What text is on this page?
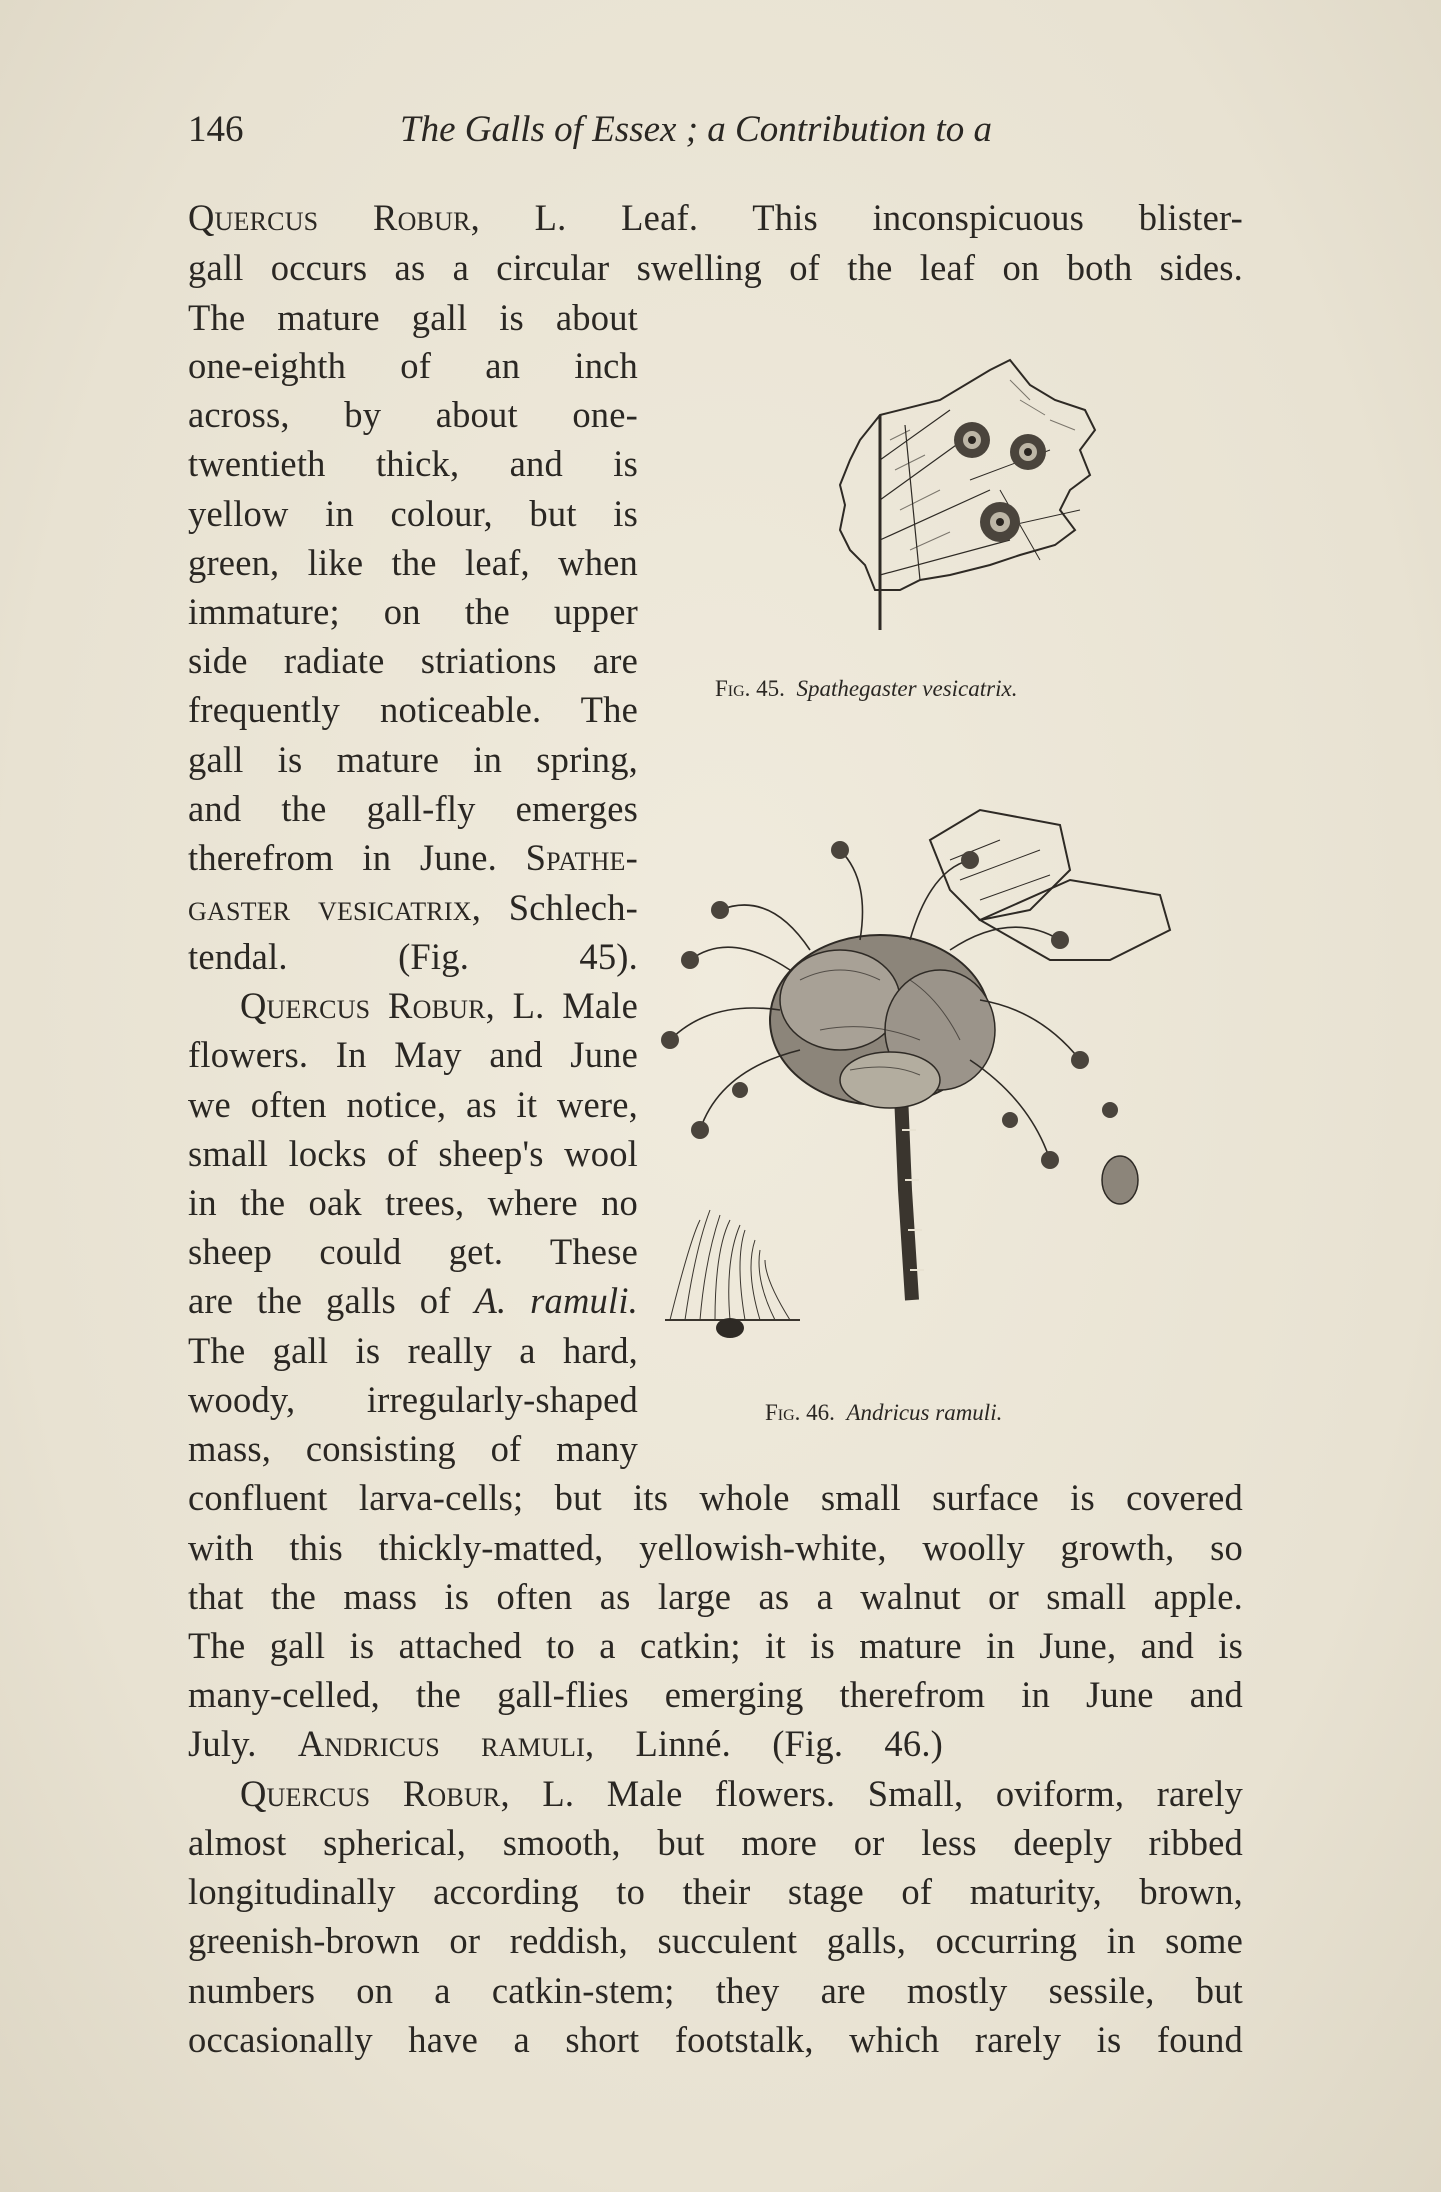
146	The Galls of Essex ; a Contribution to a
Quercus Robur, L. Leaf. This inconspicuous blister-
gall occurs as a circular swelling of the leaf on both sides.
The mature gall is about
one-eighth of an inch
across, by about one-
twentieth thick, and is
yellow in colour, but is
green, like the leaf, when
immature; on the upper
side radiate striations are
frequently noticeable. The
gall is mature in spring,
and the gall-fly emerges
therefrom in June. Spathe-
gaster vesicatrix, Schlech-
tendal. (Fig. 45).
Quercus Robur, L. Male
flowers. In May and June
we often notice, as it were,
small locks of sheep's wool
in the oak trees, where no
sheep could get. These
are the galls of A. ramuli.
The gall is really a hard,
woody, irregularly-shaped
mass, consisting of many
confluent larva-cells; but its whole small surface is covered
with this thickly-matted, yellowish-white, woolly growth, so
that the mass is often as large as a walnut or small apple.
The gall is attached to a catkin; it is mature in June, and is
many-celled, the gall-flies emerging therefrom in June and
July. Andricus ramuli, Linné. (Fig. 46.)
Quercus Robur, L. Male flowers. Small, oviform, rarely
almost spherical, smooth, but more or less deeply ribbed
longitudinally according to their stage of maturity, brown,
greenish-brown or reddish, succulent galls, occurring in some
numbers on a catkin-stem; they are mostly sessile, but
occasionally have a short footstalk, which rarely is found
Fig. 45. Spathegaster vesicatrix.
Fig. 46. Andricus ramuli.
